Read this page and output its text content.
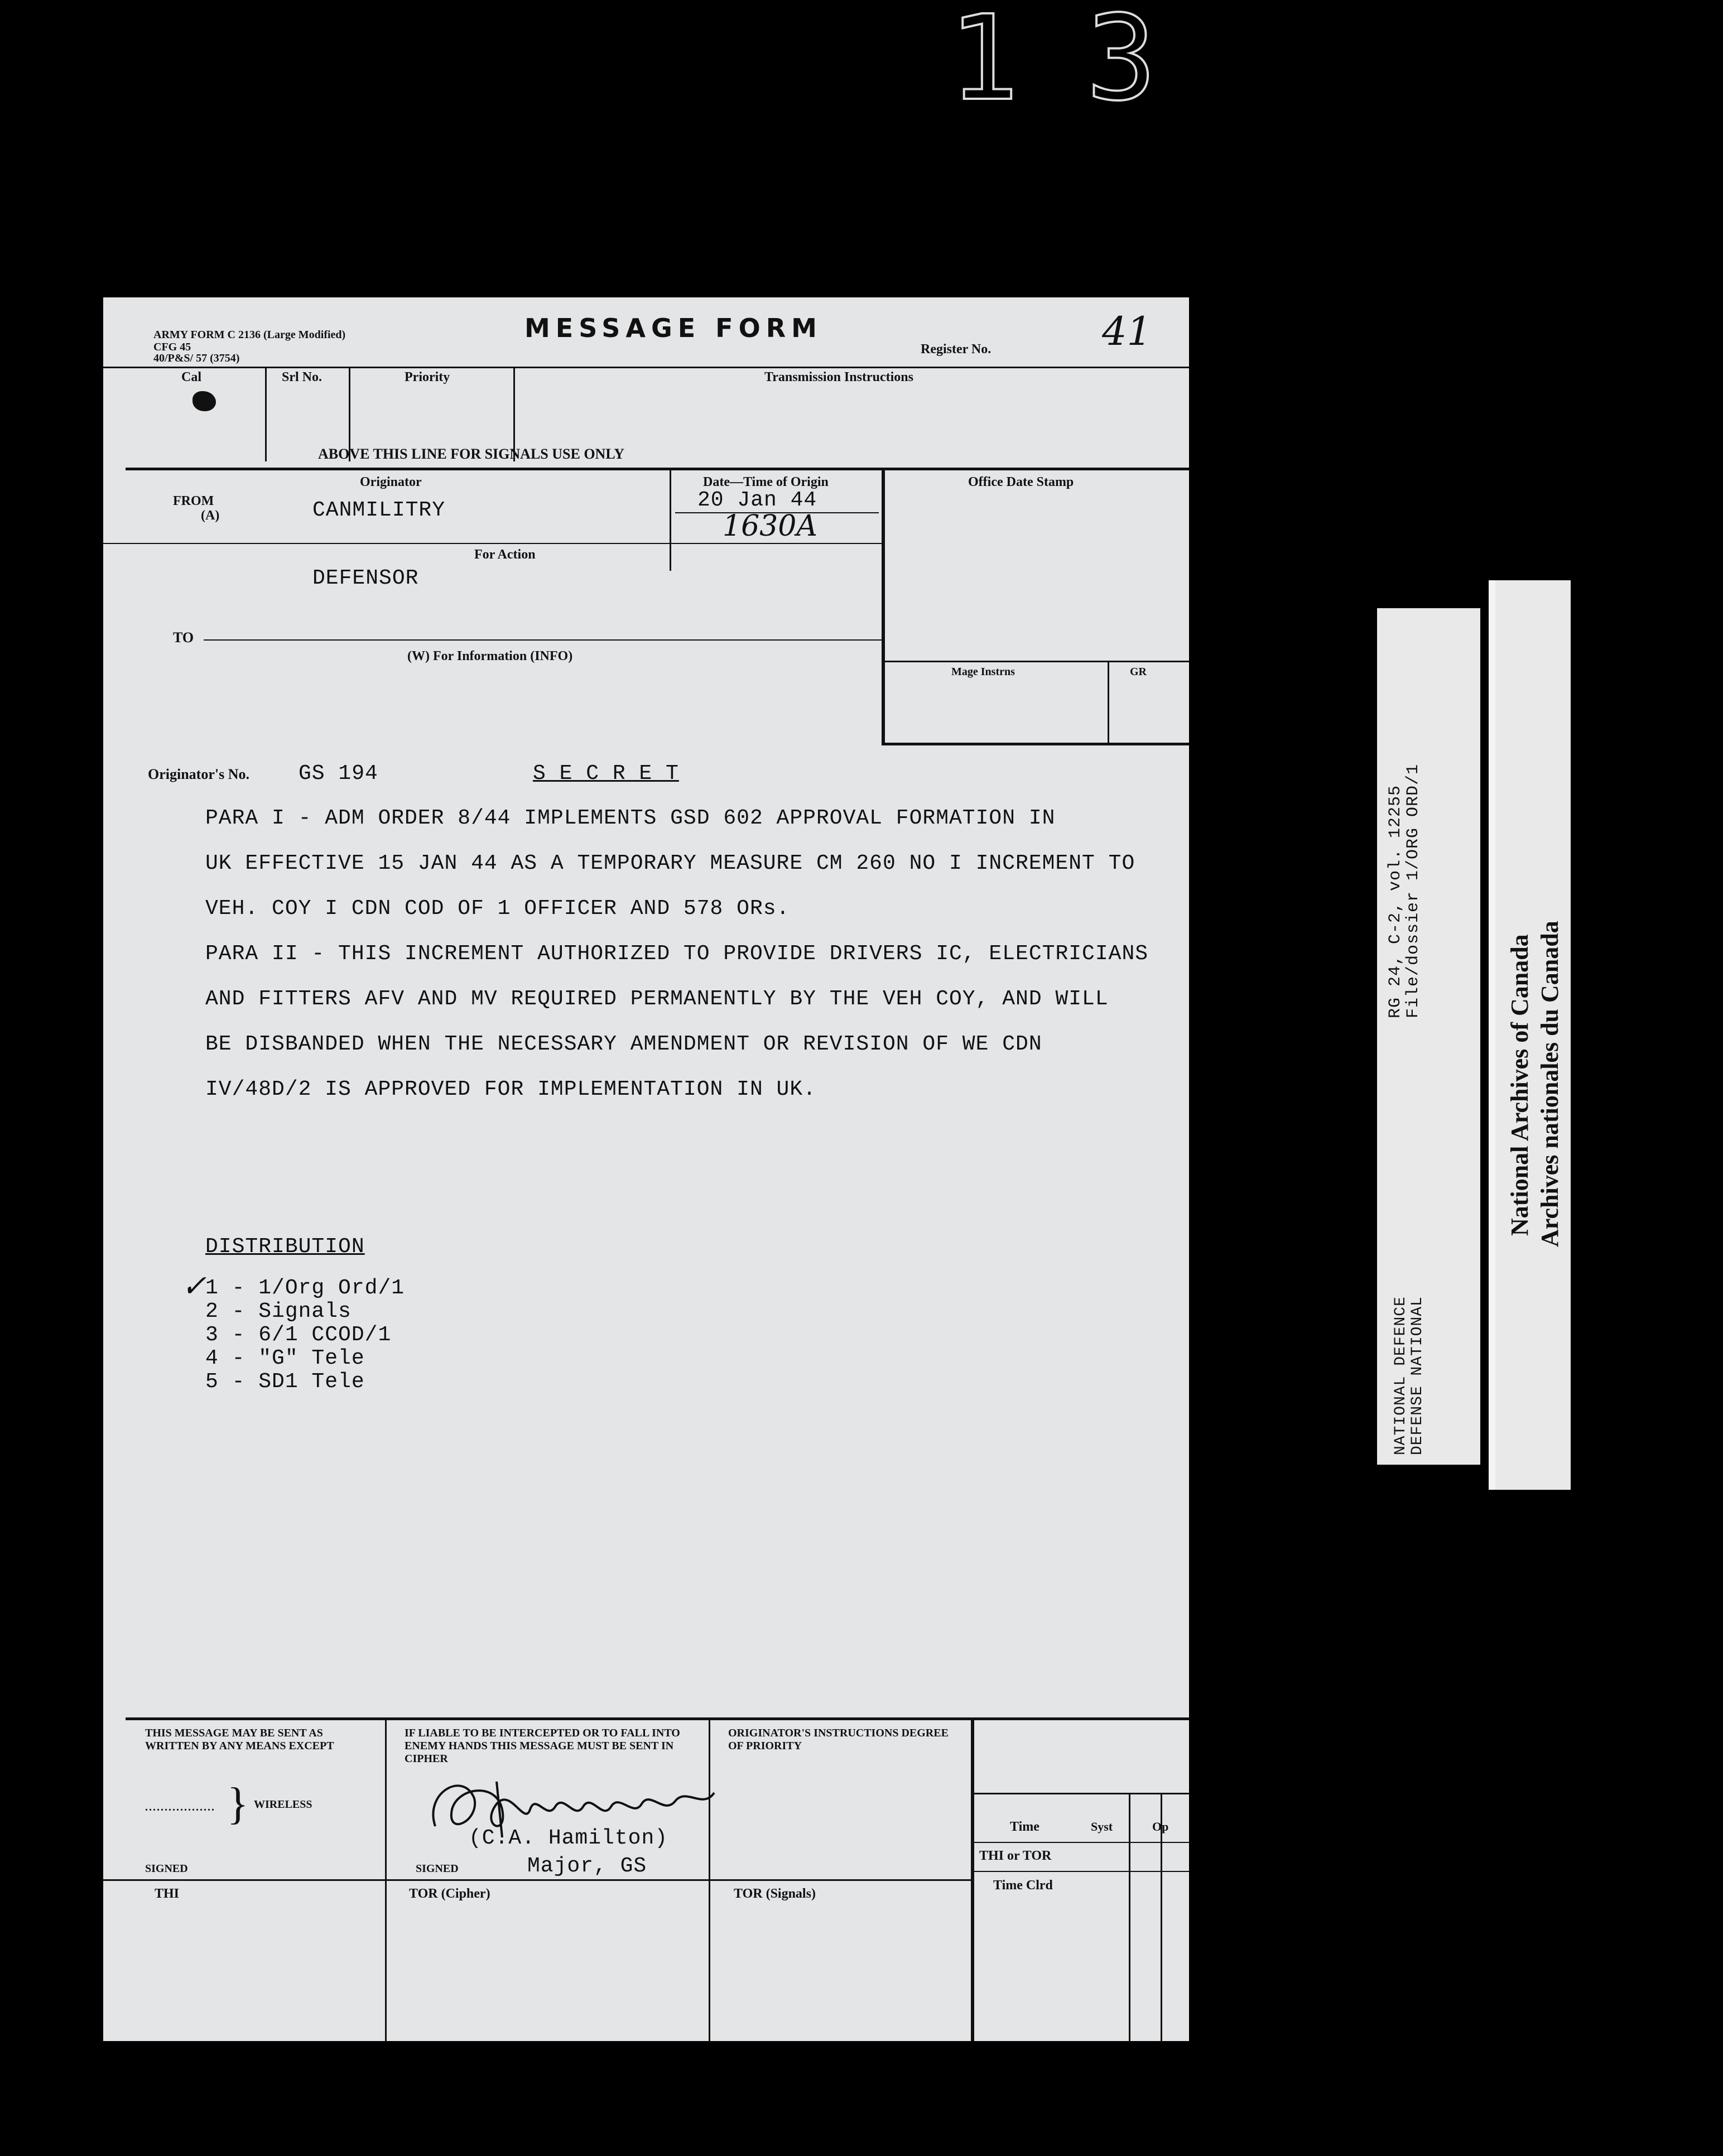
13
ARMY FORM C 2136 (Large Modified)
CFG 45
40/P&S/ 57 (3754)
MESSAGE FORM
Register No.	41
Cal	Srl No.	Priority	Transmission Instructions
ABOVE THIS LINE FOR SIGNALS USE ONLY
Originator	Date—Time of Origin	Office Date Stamp
FROM
(A)	CANMILITRY	20 Jan 44
1630A
For Action
DEFENSOR
TO
(W) For Information (INFO)
Mage Instrns	GR
Originator's No. GS 194	S E C R E T
PARA I - ADM ORDER 8/44 IMPLEMENTS GSD 602 APPROVAL FORMATION IN
UK EFFECTIVE 15 JAN 44 AS A TEMPORARY MEASURE CM 260 NO I INCREMENT TO
VEH. COY I CDN COD OF 1 OFFICER AND 578 ORs.
PARA II - THIS INCREMENT AUTHORIZED TO PROVIDE DRIVERS IC, ELECTRICIANS
AND FITTERS AFV AND MV REQUIRED PERMANENTLY BY THE VEH COY, AND WILL
BE DISBANDED WHEN THE NECESSARY AMENDMENT OR REVISION OF WE CDN
IV/48D/2 IS APPROVED FOR IMPLEMENTATION IN UK.
DISTRIBUTION
✓
1 - 1/Org Ord/1
2 - Signals
3 - 6/1 CCOD/1
4 - "G" Tele
5 - SD1 Tele
THIS MESSAGE MAY BE SENT AS WRITTEN BY ANY MEANS EXCEPT
.................. } WIRELESS
IF LIABLE TO BE INTERCEPTED OR TO FALL INTO ENEMY HANDS THIS MESSAGE MUST BE SENT IN CIPHER
ORIGINATOR'S INSTRUCTIONS DEGREE OF PRIORITY
SIGNED	SIGNED
(C.A. Hamilton)
Major, GS
Time	Syst	Op
THI or TOR
Time Clrd
THI	TOR (Cipher)	TOR (Signals)
RG 24, C-2, vol. 12255
File/dossier 1/ORG ORD/1
NATIONAL DEFENCE DEFENSE NATIONAL
National Archives of Canada Archives nationales du Canada
